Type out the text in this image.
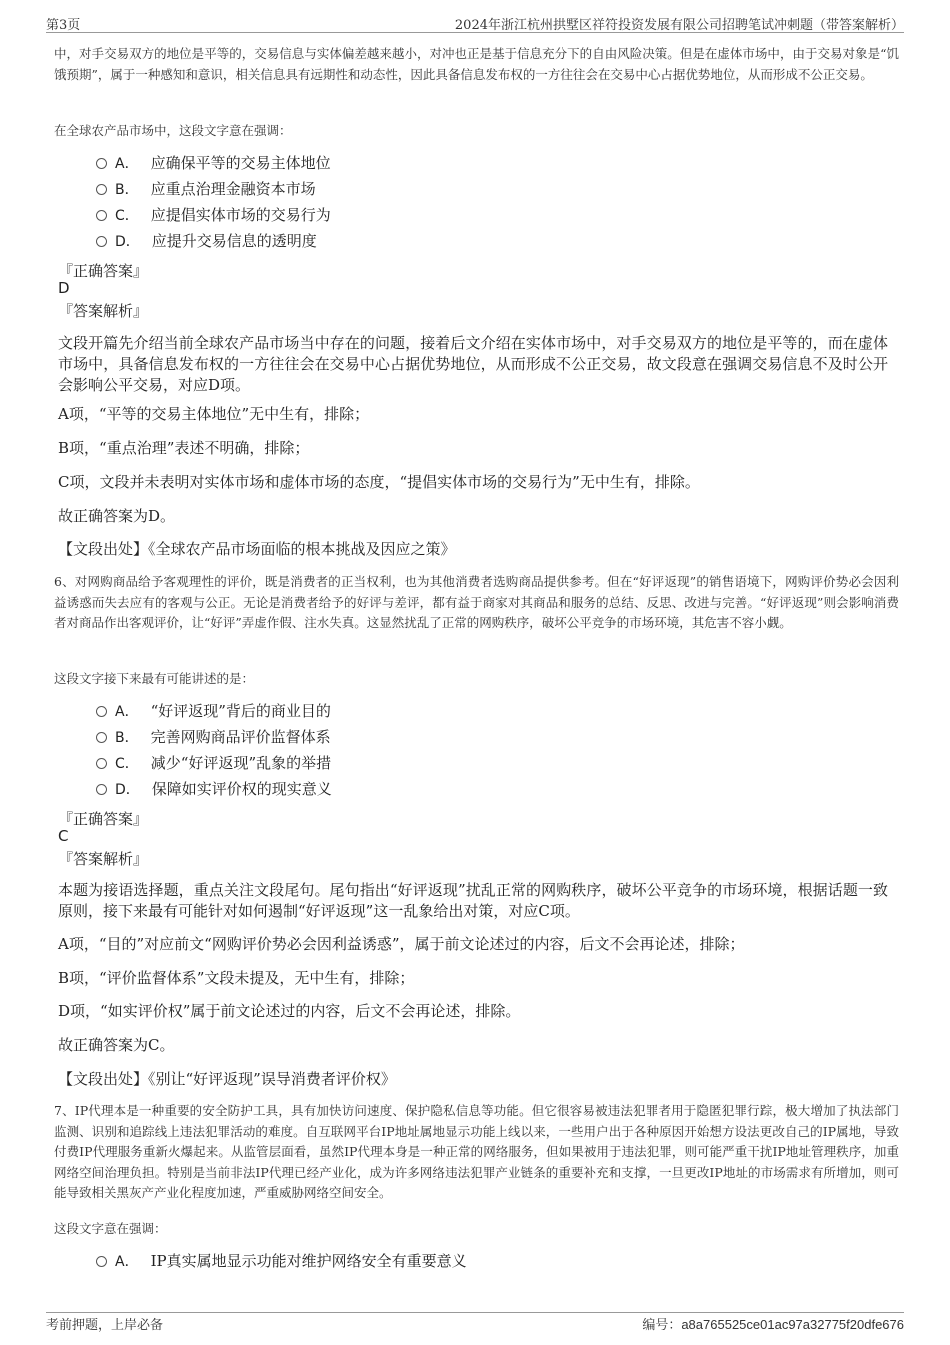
第3页	2024年浙江杭州拱墅区祥符投资发展有限公司招聘笔试冲刺题（带答案解析）
中，对手交易双方的地位是平等的，交易信息与实体偏差越来越小，对冲也正是基于信息充分下的自由风险决策。但是在虚体市场中，由于交易对象是“饥饿预期”，属于一种感知和意识，相关信息具有远期性和动态性，因此具备信息发布权的一方往往会在交易中心占据优势地位，从而形成不公正交易。
在全球农产品市场中，这段文字意在强调：
A． 应确保平等的交易主体地位
B． 应重点治理金融资本市场
C． 应提倡实体市场的交易行为
D． 应提升交易信息的透明度
『正确答案』
D
『答案解析』
文段开篇先介绍当前全球农产品市场当中存在的问题，接着后文介绍在实体市场中，对手交易双方的地位是平等的，而在虚体市场中，具备信息发布权的一方往往会在交易中心占据优势地位，从而形成不公正交易，故文段意在强调交易信息不及时公开会影响公平交易，对应D项。
A项，“平等的交易主体地位”无中生有，排除；
B项，“重点治理”表述不明确，排除；
C项，文段并未表明对实体市场和虚体市场的态度，“提倡实体市场的交易行为”无中生有，排除。
故正确答案为D。
【文段出处】《全球农产品市场面临的根本挑战及因应之策》
6、对网购商品给予客观理性的评价，既是消费者的正当权利，也为其他消费者选购商品提供参考。但在“好评返现”的销售语境下，网购评价势必会因利益诱惑而失去应有的客观与公正。无论是消费者给予的好评与差评，都有益于商家对其商品和服务的总结、反思、改进与完善。“好评返现”则会影响消费者对商品作出客观评价，让“好评”弄虚作假、注水失真。这显然扰乱了正常的网购秩序，破坏公平竞争的市场环境，其危害不容小觑。
这段文字接下来最有可能讲述的是：
A． “好评返现”背后的商业目的
B． 完善网购商品评价监督体系
C． 减少“好评返现”乱象的举措
D． 保障如实评价权的现实意义
『正确答案』
C
『答案解析』
本题为接语选择题，重点关注文段尾句。尾句指出“好评返现”扰乱正常的网购秩序，破坏公平竞争的市场环境，根据话题一致原则，接下来最有可能针对如何遏制“好评返现”这一乱象给出对策，对应C项。
A项，“目的”对应前文“网购评价势必会因利益诱惑”，属于前文论述过的内容，后文不会再论述，排除；
B项，“评价监督体系”文段未提及，无中生有，排除；
D项，“如实评价权”属于前文论述过的内容，后文不会再论述，排除。
故正确答案为C。
【文段出处】《别让“好评返现”误导消费者评价权》
7、IP代理本是一种重要的安全防护工具，具有加快访问速度、保护隐私信息等功能。但它很容易被违法犯罪者用于隐匿犯罪行踪，极大增加了执法部门监测、识别和追踪线上违法犯罪活动的难度。自互联网平台IP地址属地显示功能上线以来，一些用户出于各种原因开始想方设法更改自己的IP属地，导致付费IP代理服务重新火爆起来。从监管层面看，虽然IP代理本身是一种正常的网络服务，但如果被用于违法犯罪，则可能严重干扰IP地址管理秩序，加重网络空间治理负担。特别是当前非法IP代理已经产业化，成为许多网络违法犯罪产业链条的重要补充和支撑，一旦更改IP地址的市场需求有所增加，则可能导致相关黑灰产产业化程度加速，严重威胁网络空间安全。
这段文字意在强调：
A． IP真实属地显示功能对维护网络安全有重要意义
考前押题，上岸必备	编号：a8a765525ce01ac97a32775f20dfe676
